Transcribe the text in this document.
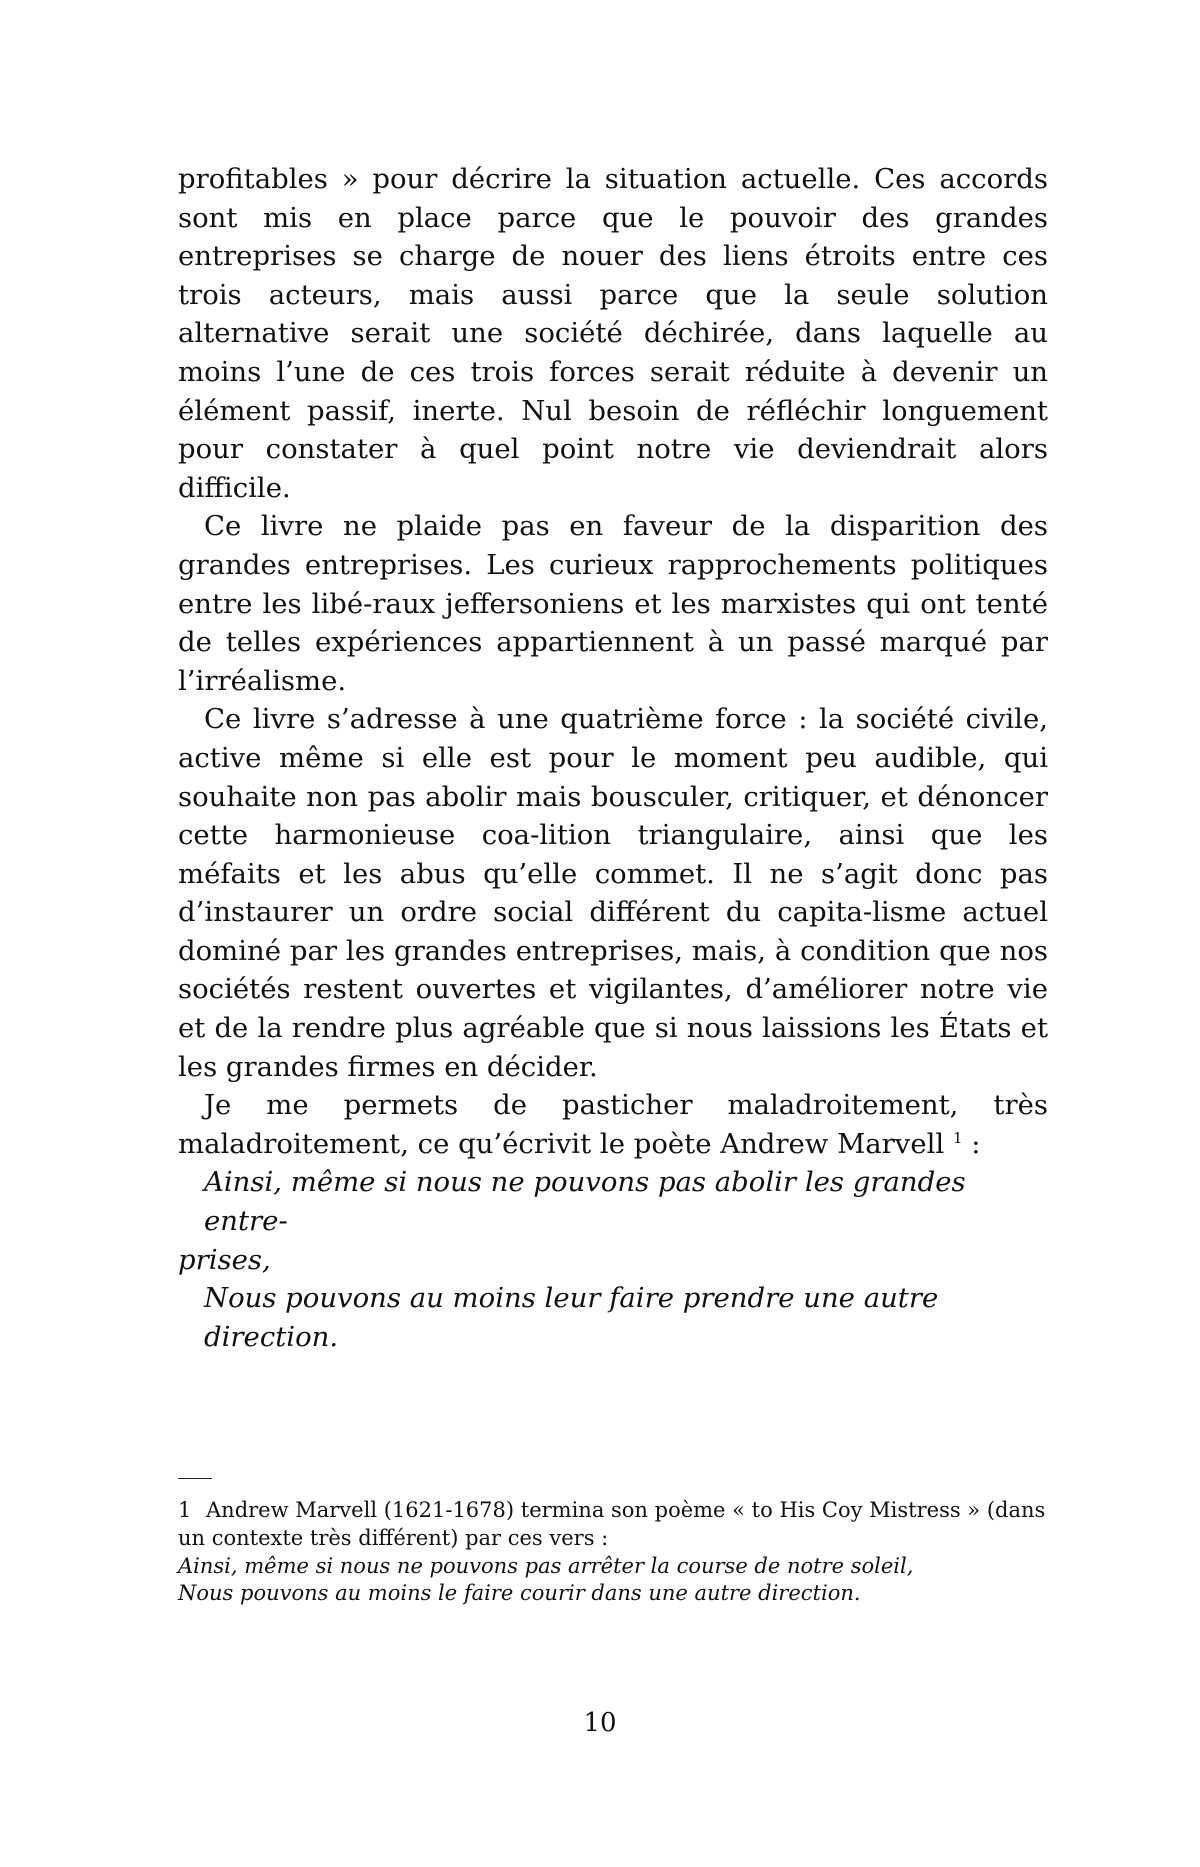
profitables » pour décrire la situation actuelle. Ces accords sont mis en place parce que le pouvoir des grandes entreprises se charge de nouer des liens étroits entre ces trois acteurs, mais aussi parce que la seule solution alternative serait une société déchirée, dans laquelle au moins l’une de ces trois forces serait réduite à devenir un élément passif, inerte. Nul besoin de réfléchir longuement pour constater à quel point notre vie deviendrait alors difficile.

Ce livre ne plaide pas en faveur de la disparition des grandes entreprises. Les curieux rapprochements politiques entre les libé-raux jeffersoniens et les marxistes qui ont tenté de telles expériences appartiennent à un passé marqué par l’irréalisme.

Ce livre s’adresse à une quatrième force : la société civile, active même si elle est pour le moment peu audible, qui souhaite non pas abolir mais bousculer, critiquer, et dénoncer cette harmonieuse coa-lition triangulaire, ainsi que les méfaits et les abus qu’elle commet. Il ne s’agit donc pas d’instaurer un ordre social différent du capita-lisme actuel dominé par les grandes entreprises, mais, à condition que nos sociétés restent ouvertes et vigilantes, d’améliorer notre vie et de la rendre plus agréable que si nous laissions les États et les grandes firmes en décider.

Je me permets de pasticher maladroitement, très maladroitement, ce qu’écrivit le poète Andrew Marvell $^1$ :

Ainsi, même si nous ne pouvons pas abolir les grandes entre-

prises,

Nous pouvons au moins leur faire prendre une autre direction.

1 Andrew Marvell (1621-1678) termina son poème « to His Coy Mistress » (dans un contexte très différent) par ces vers :

Ainsi, même si nous ne pouvons pas arrêter la course de notre soleil,

Nous pouvons au moins le faire courir dans une autre direction.

10
